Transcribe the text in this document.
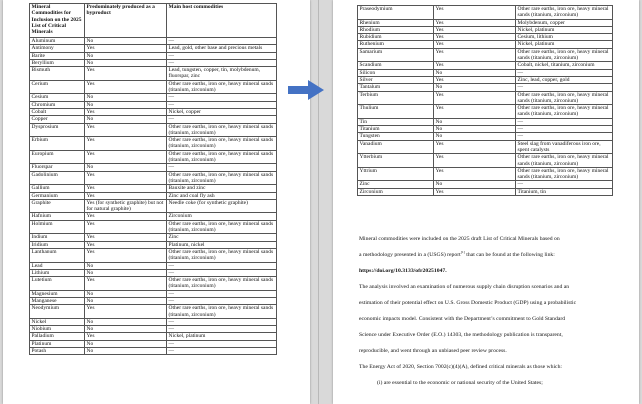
Mineral Commodities for Inclusion on the 2025 List of Critical Minerals	Predominately produced as a byproduct	Main host commodities
Aluminum	No	—
Antimony	Yes	Lead, gold, other base and precious metals
Barite	No	—
Beryllium	No	—
Bismuth	Yes	Lead, tungsten, copper, tin, molybdenum, fluorspar, zinc
Cerium	Yes	Other rare earths, iron ore, heavy mineral sands (titanium, zirconium)
Cesium	No	—
Chromium	No	—
Cobalt	Yes	Nickel, copper
Copper	No	—
Dysprosium	Yes	Other rare earths, iron ore, heavy mineral sands (titanium, zirconium)
Erbium	Yes	Other rare earths, iron ore, heavy mineral sands (titanium, zirconium)
Europium	Yes	Other rare earths, iron ore, heavy mineral sands (titanium, zirconium)
Fluorspar	No	—
Gadolinium	Yes	Other rare earths, iron ore, heavy mineral sands (titanium, zirconium)
Gallium	Yes	Bauxite and zinc
Germanium	Yes	Zinc and coal fly ash
Graphite	Yes (for synthetic graphite) but not for natural graphite)	Needle coke (for synthetic graphite)
Hafnium	Yes	Zirconium
Holmium	Yes	Other rare earths, iron ore, heavy mineral sands (titanium, zirconium)
Indium	Yes	Zinc
Iridium	Yes	Platinum, nickel
Lanthanum	Yes	Other rare earths, iron ore, heavy mineral sands (titanium, zirconium)
Lead	No	—
Lithium	No	—
Lutetium	Yes	Other rare earths, iron ore, heavy mineral sands (titanium, zirconium)
Magnesium	No	—
Manganese	No	—
Neodymium	Yes	Other rare earths, iron ore, heavy mineral sands (titanium, zirconium)
Nickel	No	—
Niobium	No	—
Palladium	Yes	Nickel, platinum
Platinum	No	—
Potash	No	—
Praseodymium	Yes	Other rare earths, iron ore, heavy mineral sands (titanium, zirconium)
Rhenium	Yes	Molybdenum, copper
Rhodium	Yes	Nickel, platinum
Rubidium	Yes	Cesium, lithium
Ruthenium	Yes	Nickel, platinum
Samarium	Yes	Other rare earths, iron ore, heavy mineral sands (titanium, zirconium)
Scandium	Yes	Cobalt, nickel, titanium, zirconium
Silicon	No	—
Silver	Yes	Zinc, lead, copper, gold
Tantalum	No	—
Terbium	Yes	Other rare earths, iron ore, heavy mineral sands (titanium, zirconium)
Thulium	Yes	Other rare earths, iron ore, heavy mineral sands (titanium, zirconium)
Tin	No	—
Titanium	No	—
Tungsten	No	—
Vanadium	Yes	Steel slag from vanadiferous iron ore, spent catalysts
Ytterbium	Yes	Other rare earths, iron ore, heavy mineral sands (titanium, zirconium)
Yttrium	Yes	Other rare earths, iron ore, heavy mineral sands (titanium, zirconium)
Zinc	No	—
Zirconium	Yes	Titanium, tin

Mineral commodities were included on the 2025 draft List of Critical Minerals based on

a methodology presented in a (USGS) report[1] that can be found at the following link:

https://doi.org/10.3133/ofr20251047.

The analysis involved an examination of numerous supply chain disruption scenarios and an

estimation of their potential effect on U.S. Gross Domestic Product (GDP) using a probabilistic

economic impacts model. Consistent with the Department’s commitment to Gold Standard

Science under Executive Order (E.O.) 14303, the methodology publication is transparent,

reproducible, and went through an unbiased peer review process.

The Energy Act of 2020, Section 7002(c)(4)(A), defined critical minerals as those which:

(i) are essential to the economic or national security of the United States;
